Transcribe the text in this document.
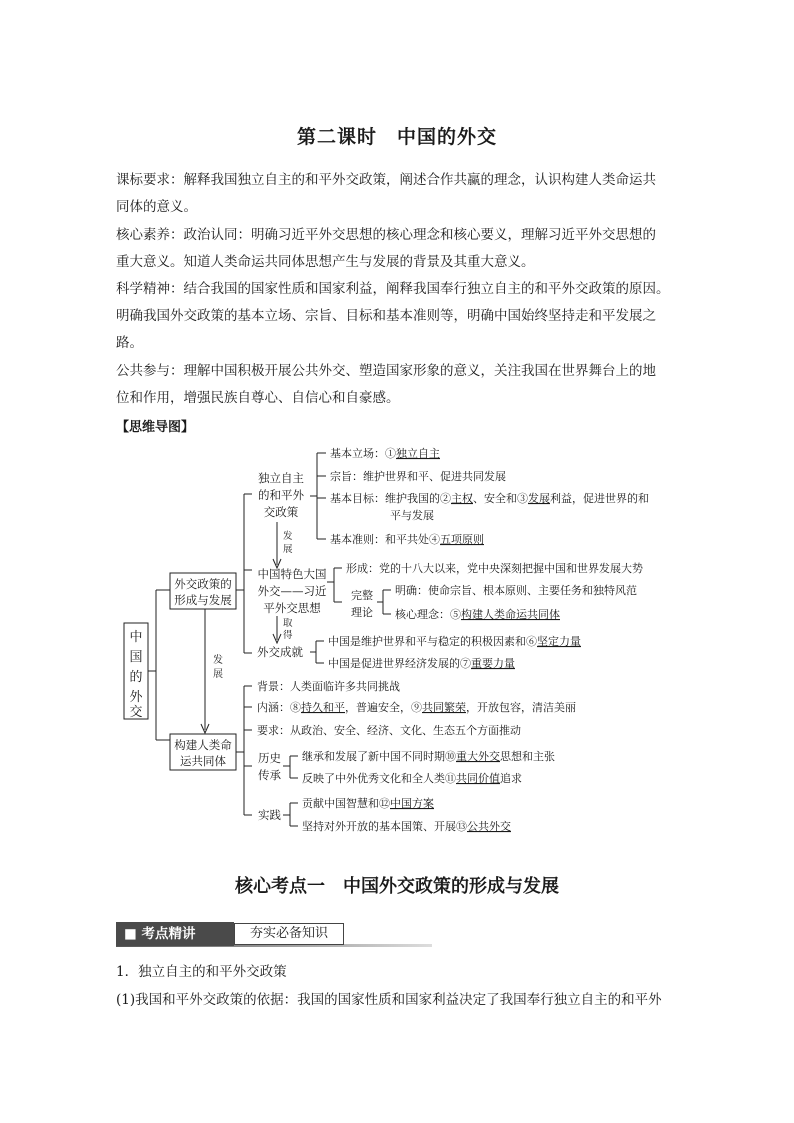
第二课时　中国的外交
课标要求：解释我国独立自主的和平外交政策，阐述合作共赢的理念，认识构建人类命运共
同体的意义。
核心素养：政治认同：明确习近平外交思想的核心理念和核心要义，理解习近平外交思想的
重大意义。知道人类命运共同体思想产生与发展的背景及其重大意义。
科学精神：结合我国的国家性质和国家利益，阐释我国奉行独立自主的和平外交政策的原因。
明确我国外交政策的基本立场、宗旨、目标和基本准则等，明确中国始终坚持走和平发展之
路。
公共参与：理解中国积极开展公共外交、塑造国家形象的意义，关注我国在世界舞台上的地
位和作用，增强民族自尊心、自信心和自豪感。
【思维导图】
中
国
的
外
交
外交政策的
形成与发展
构建人类命
运共同体
发
展
独立自主
的和平外
交政策
基本立场：①独立自主
宗旨：维护世界和平、促进共同发展
基本目标：维护我国的②主权、安全和③发展利益，促进世界的和
平与发展
基本准则：和平共处④五项原则
发
展
中国特色大国
外交——习近
平外交思想
形成：党的十八大以来，党中央深刻把握中国和世界发展大势
完整
理论
明确：使命宗旨、根本原则、主要任务和独特风范
核心理念：⑤构建人类命运共同体
取
得
外交成就
中国是维护世界和平与稳定的积极因素和⑥坚定力量
中国是促进世界经济发展的⑦重要力量
背景：人类面临许多共同挑战
内涵：⑧持久和平，普遍安全，⑨共同繁荣，开放包容，清洁美丽
要求：从政治、安全、经济、文化、生态五个方面推动
历史
传承
继承和发展了新中国不同时期⑩重大外交思想和主张
反映了中外优秀文化和全人类⑪共同价值追求
实践
贡献中国智慧和⑫中国方案
坚持对外开放的基本国策、开展⑬公共外交
核心考点一　中国外交政策的形成与发展
■ 考点精讲	夯实必备知识
1．独立自主的和平外交政策
(1)我国和平外交政策的依据：我国的国家性质和国家利益决定了我国奉行独立自主的和平外
